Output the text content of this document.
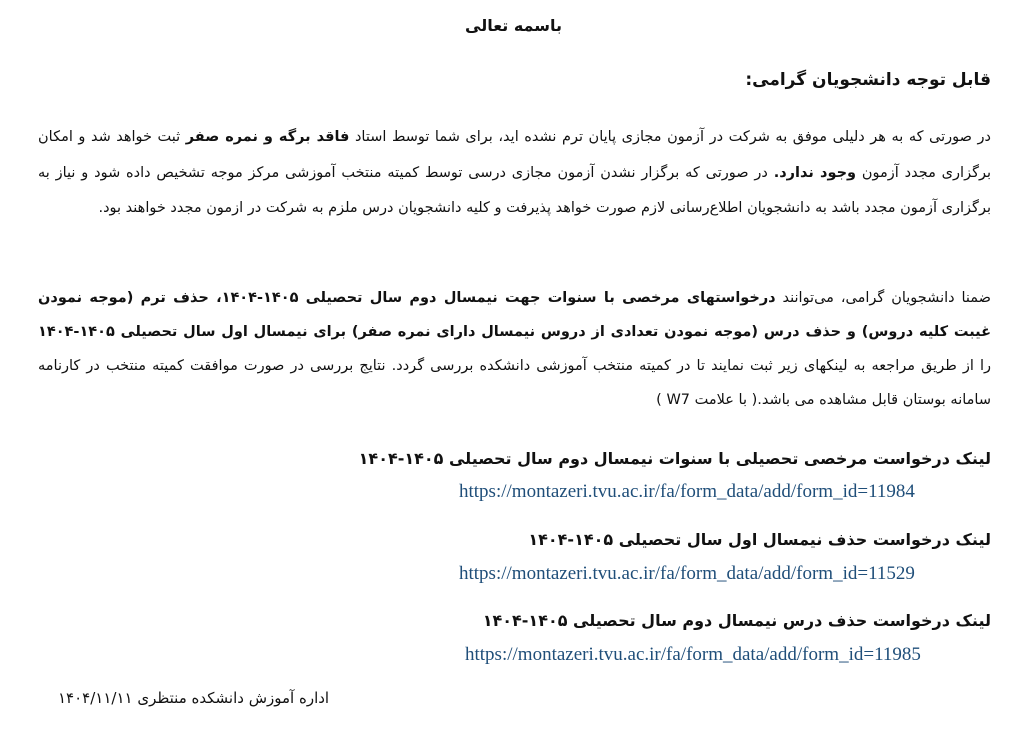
باسمه تعالی
قابل توجه دانشجویان گرامی:
در صورتی که به هر دلیلی موفق به شرکت در آزمون مجازی پایان ترم نشده اید، برای شما توسط استاد فاقد برگه و نمره صفر ثبت خواهد شد و امکان برگزاری مجدد آزمون وجود ندارد. در صورتی که برگزار نشدن آزمون مجازی درسی توسط کمیته منتخب آموزشی مرکز موجه تشخیص داده شود و نیاز به برگزاری آزمون مجدد باشد به دانشجویان اطلاع‌رسانی لازم صورت خواهد پذیرفت و کلیه دانشجویان درس ملزم به شرکت در ازمون مجدد خواهند بود.
ضمنا دانشجویان گرامی، می‌توانند درخواستهای مرخصی با سنوات جهت نیمسال دوم سال تحصیلی ۱۴۰۵-۱۴۰۴، حذف ترم (موجه نمودن غیبت کلیه دروس) و حذف درس (موجه نمودن تعدادی از دروس نیمسال دارای نمره صفر) برای نیمسال اول سال تحصیلی ۱۴۰۵-۱۴۰۴ را از طریق مراجعه به لینکهای زیر ثبت نمایند تا در کمیته منتخب آموزشی دانشکده بررسی گردد. نتایج بررسی در صورت موافقت کمیته منتخب در کارنامه سامانه بوستان قابل مشاهده می باشد.( با علامت W7 )
لینک درخواست مرخصی تحصیلی با سنوات نیمسال دوم سال تحصیلی ۱۴۰۵-۱۴۰۴
https://montazeri.tvu.ac.ir/fa/form_data/add/form_id=11984
لینک درخواست حذف نیمسال اول سال تحصیلی ۱۴۰۵-۱۴۰۴
https://montazeri.tvu.ac.ir/fa/form_data/add/form_id=11529
لینک درخواست حذف درس نیمسال دوم سال تحصیلی ۱۴۰۵-۱۴۰۴
https://montazeri.tvu.ac.ir/fa/form_data/add/form_id=11985
اداره آموزش دانشکده منتظری ۱۴۰۴/۱۱/۱۱
